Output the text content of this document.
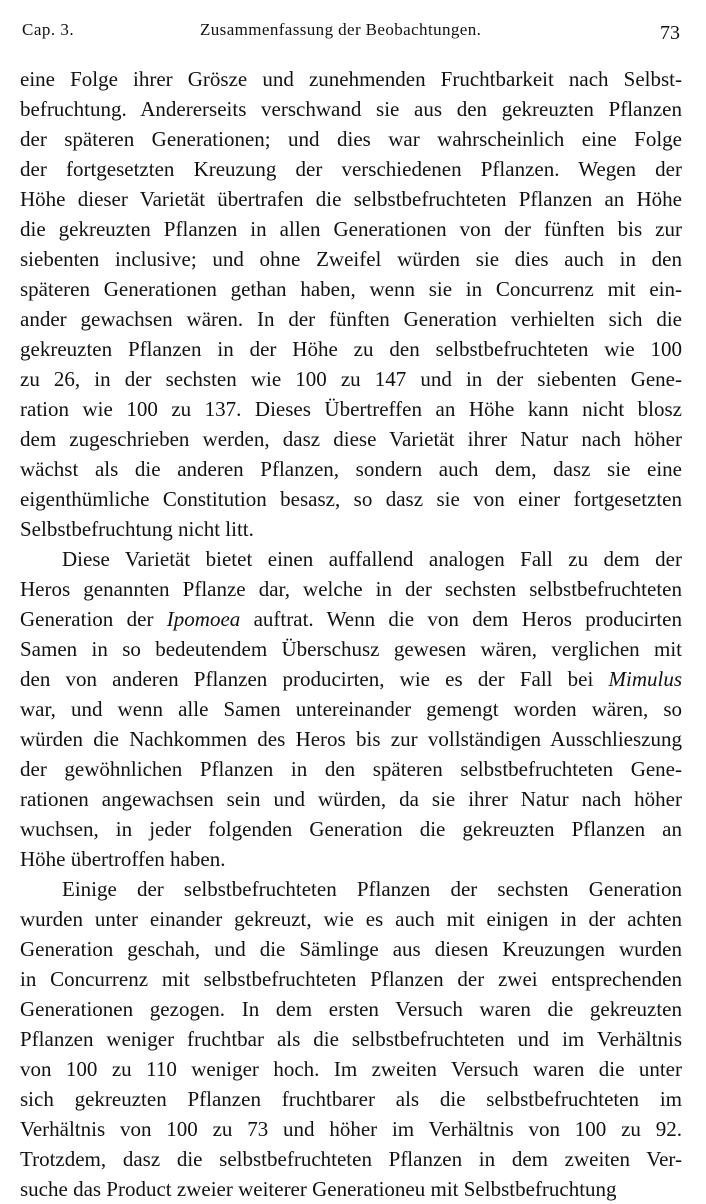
Cap. 3.	Zusammenfassung der Beobachtungen.	73
eine Folge ihrer Grösze und zunehmenden Fruchtbarkeit nach Selbst-
befruchtung. Andererseits verschwand sie aus den gekreuzten Pflanzen
der späteren Generationen; und dies war wahrscheinlich eine Folge
der fortgesetzten Kreuzung der verschiedenen Pflanzen. Wegen der
Höhe dieser Varietät übertrafen die selbstbefruchteten Pflanzen an Höhe
die gekreuzten Pflanzen in allen Generationen von der fünften bis zur
siebenten inclusive; und ohne Zweifel würden sie dies auch in den
späteren Generationen gethan haben, wenn sie in Concurrenz mit ein-
ander gewachsen wären. In der fünften Generation verhielten sich die
gekreuzten Pflanzen in der Höhe zu den selbstbefruchteten wie 100
zu 26, in der sechsten wie 100 zu 147 und in der siebenten Gene-
ration wie 100 zu 137. Dieses Übertreffen an Höhe kann nicht blosz
dem zugeschrieben werden, dasz diese Varietät ihrer Natur nach höher
wächst als die anderen Pflanzen, sondern auch dem, dasz sie eine
eigenthümliche Constitution besasz, so dasz sie von einer fortgesetzten
Selbstbefruchtung nicht litt.
Diese Varietät bietet einen auffallend analogen Fall zu dem der
Heros genannten Pflanze dar, welche in der sechsten selbstbefruchteten
Generation der Ipomoea auftrat. Wenn die von dem Heros producirten
Samen in so bedeutendem Überschusz gewesen wären, verglichen mit
den von anderen Pflanzen producirten, wie es der Fall bei Mimulus
war, und wenn alle Samen untereinander gemengt worden wären, so
würden die Nachkommen des Heros bis zur vollständigen Ausschlieszung
der gewöhnlichen Pflanzen in den späteren selbstbefruchteten Gene-
rationen angewachsen sein und würden, da sie ihrer Natur nach höher
wuchsen, in jeder folgenden Generation die gekreuzten Pflanzen an
Höhe übertroffen haben.
Einige der selbstbefruchteten Pflanzen der sechsten Generation
wurden unter einander gekreuzt, wie es auch mit einigen in der achten
Generation geschah, und die Sämlinge aus diesen Kreuzungen wurden
in Concurrenz mit selbstbefruchteten Pflanzen der zwei entsprechenden
Generationen gezogen. In dem ersten Versuch waren die gekreuzten
Pflanzen weniger fruchtbar als die selbstbefruchteten und im Verhältnis
von 100 zu 110 weniger hoch. Im zweiten Versuch waren die unter
sich gekreuzten Pflanzen fruchtbarer als die selbstbefruchteten im
Verhältnis von 100 zu 73 und höher im Verhältnis von 100 zu 92.
Trotzdem, dasz die selbstbefruchteten Pflanzen in dem zweiten Ver-
suche das Product zweier weiterer Generationeu mit Selbstbefruchtung
